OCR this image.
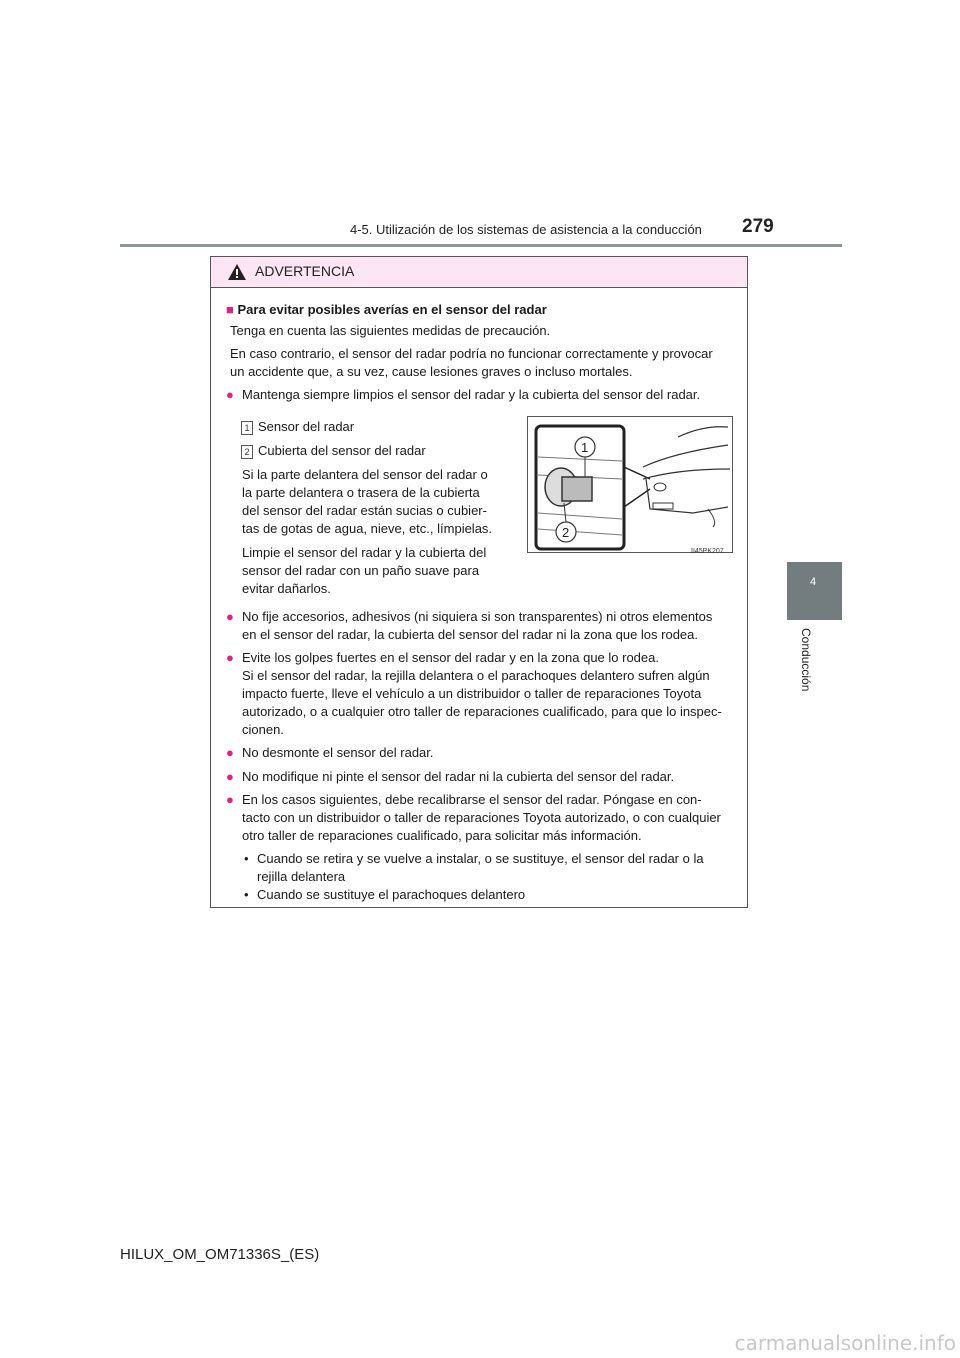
4-5. Utilización de los sistemas de asistencia a la conducción 279
4
Conducción
ADVERTENCIA
■ Para evitar posibles averías en el sensor del radar
Tenga en cuenta las siguientes medidas de precaución.
En caso contrario, el sensor del radar podría no funcionar correctamente y provocar
un accidente que, a su vez, cause lesiones graves o incluso mortales.
● Mantenga siempre limpios el sensor del radar y la cubierta del sensor del radar.
1 Sensor del radar
2 Cubierta del sensor del radar
Si la parte delantera del sensor del radar o
la parte delantera o trasera de la cubierta
del sensor del radar están sucias o cubier-
tas de gotas de agua, nieve, etc., límpielas.
Limpie el sensor del radar y la cubierta del
sensor del radar con un paño suave para
evitar dañarlos.
1
2
II45PK207
● No fije accesorios, adhesivos (ni siquiera si son transparentes) ni otros elementos
en el sensor del radar, la cubierta del sensor del radar ni la zona que los rodea.
● Evite los golpes fuertes en el sensor del radar y en la zona que lo rodea.
Si el sensor del radar, la rejilla delantera o el parachoques delantero sufren algún
impacto fuerte, lleve el vehículo a un distribuidor o taller de reparaciones Toyota
autorizado, o a cualquier otro taller de reparaciones cualificado, para que lo inspec-
cionen.
● No desmonte el sensor del radar.
● No modifique ni pinte el sensor del radar ni la cubierta del sensor del radar.
● En los casos siguientes, debe recalibrarse el sensor del radar. Póngase en con-
tacto con un distribuidor o taller de reparaciones Toyota autorizado, o con cualquier
otro taller de reparaciones cualificado, para solicitar más información.
• Cuando se retira y se vuelve a instalar, o se sustituye, el sensor del radar o la
rejilla delantera
• Cuando se sustituye el parachoques delantero
HILUX_OM_OM71336S_(ES)
carmanualsonline.info
